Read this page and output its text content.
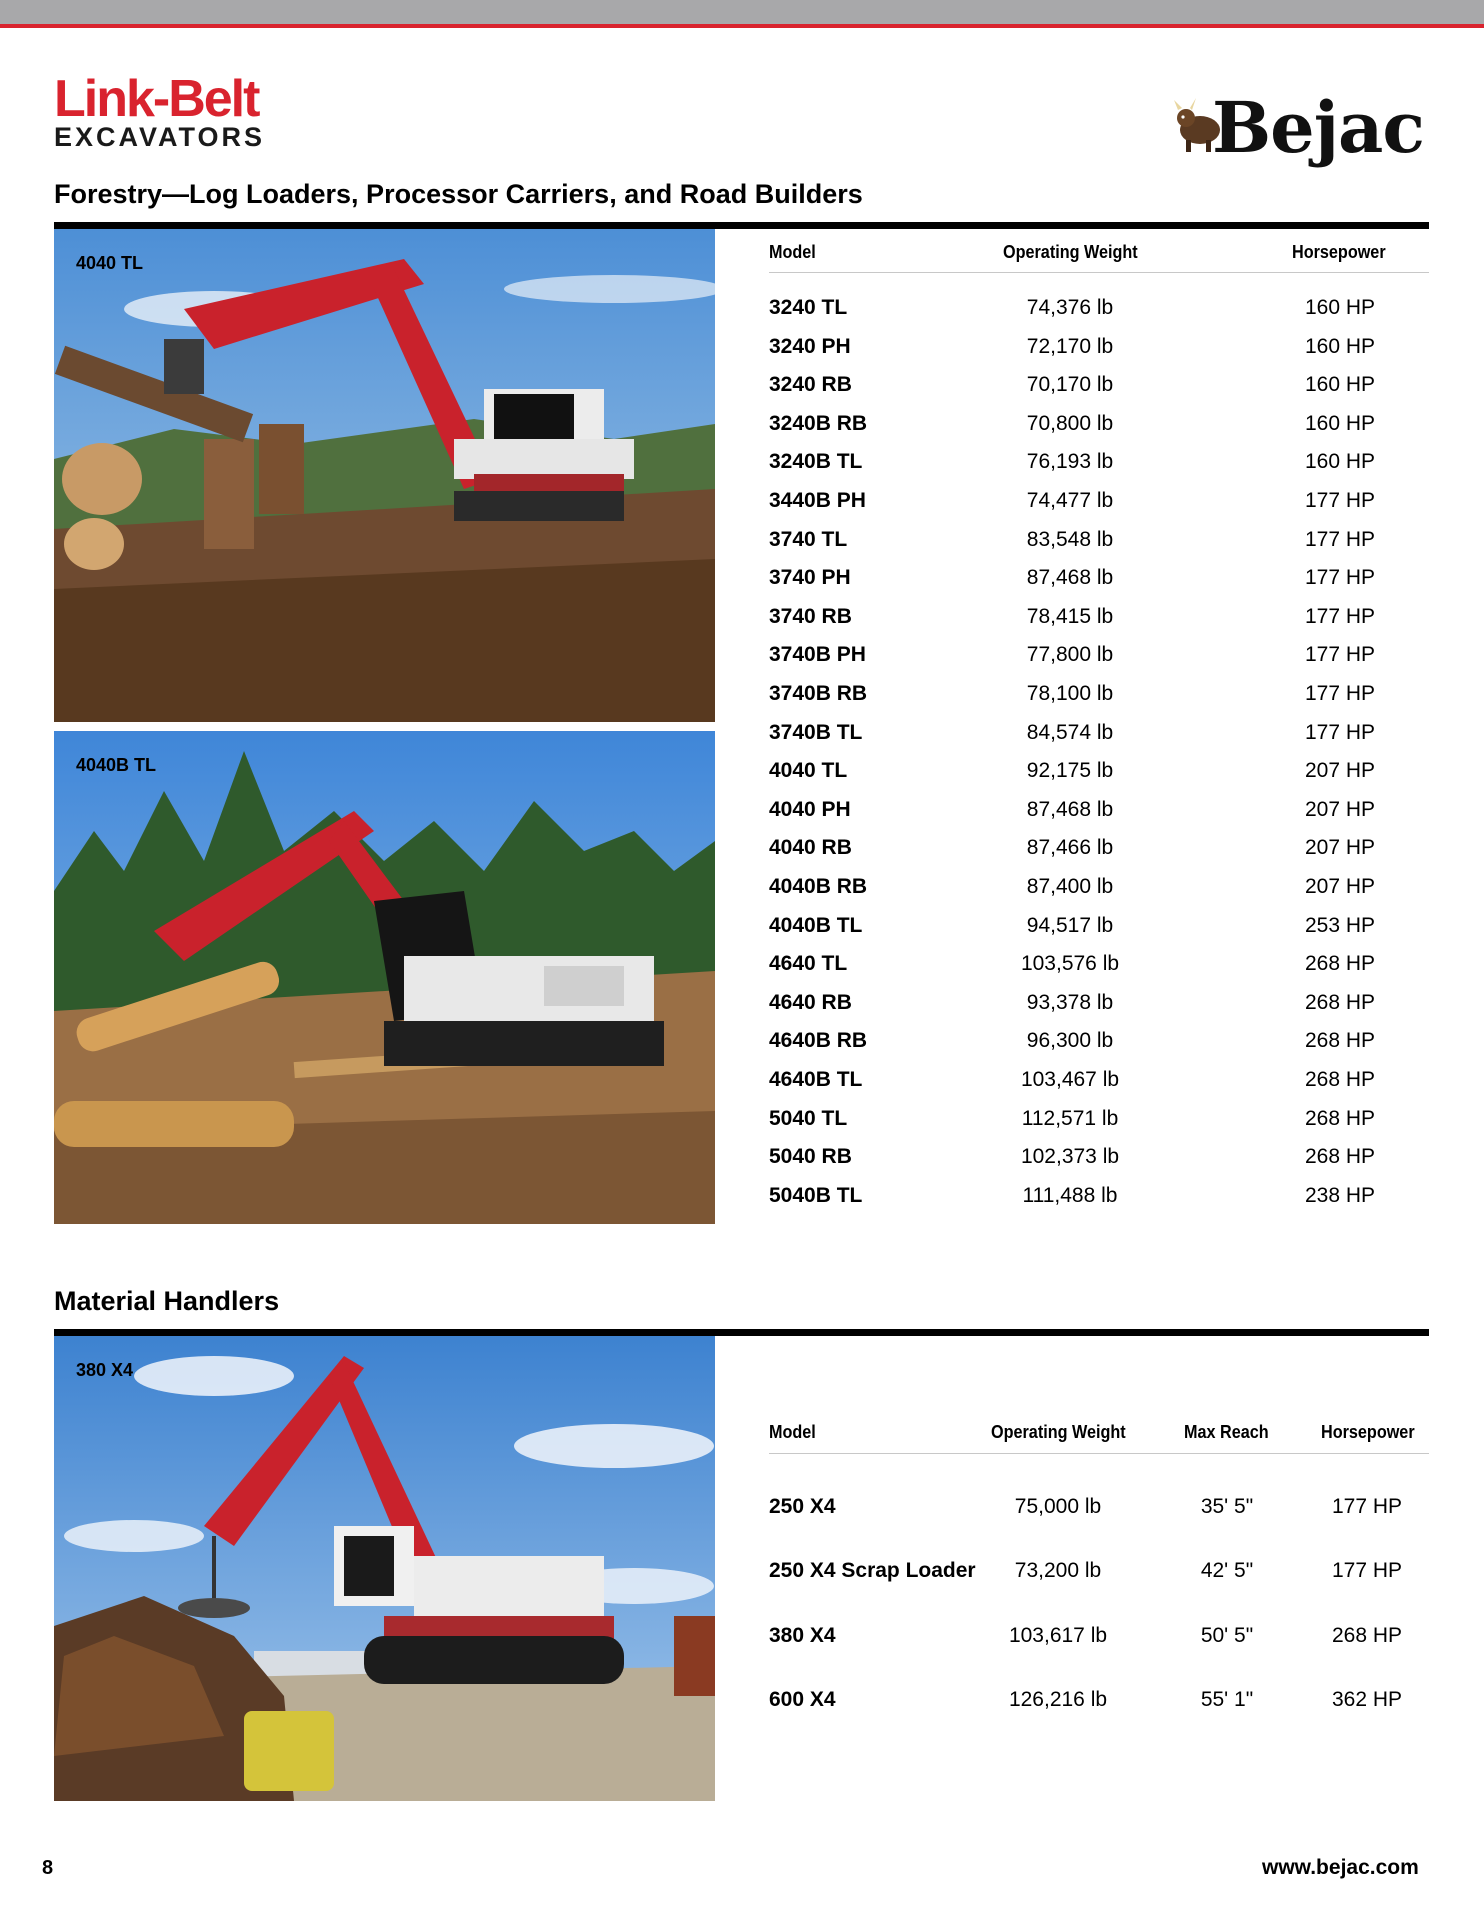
Link-Belt
EXCAVATORS	Bejac
Forestry—Log Loaders, Processor Carriers, and Road Builders
4040 TL
4040B TL
Model	Operating Weight	Horsepower
3240 TL	74,376 lb	160 HP
3240 PH	72,170 lb	160 HP
3240 RB	70,170 lb	160 HP
3240B RB	70,800 lb	160 HP
3240B TL	76,193 lb	160 HP
3440B PH	74,477 lb	177 HP
3740 TL	83,548 lb	177 HP
3740 PH	87,468 lb	177 HP
3740 RB	78,415 lb	177 HP
3740B PH	77,800 lb	177 HP
3740B RB	78,100 lb	177 HP
3740B TL	84,574 lb	177 HP
4040 TL	92,175 lb	207 HP
4040 PH	87,468 lb	207 HP
4040 RB	87,466 lb	207 HP
4040B RB	87,400 lb	207 HP
4040B TL	94,517 lb	253 HP
4640 TL	103,576 lb	268 HP
4640 RB	93,378 lb	268 HP
4640B RB	96,300 lb	268 HP
4640B TL	103,467 lb	268 HP
5040 TL	112,571 lb	268 HP
5040 RB	102,373 lb	268 HP
5040B TL	111,488 lb	238 HP
Material Handlers
380 X4
Model	Operating Weight	Max Reach	Horsepower
250 X4	75,000 lb	35' 5"	177 HP
250 X4 Scrap Loader	73,200 lb	42' 5"	177 HP
380 X4	103,617 lb	50' 5"	268 HP
600 X4	126,216 lb	55' 1"	362 HP
8	www.bejac.com
